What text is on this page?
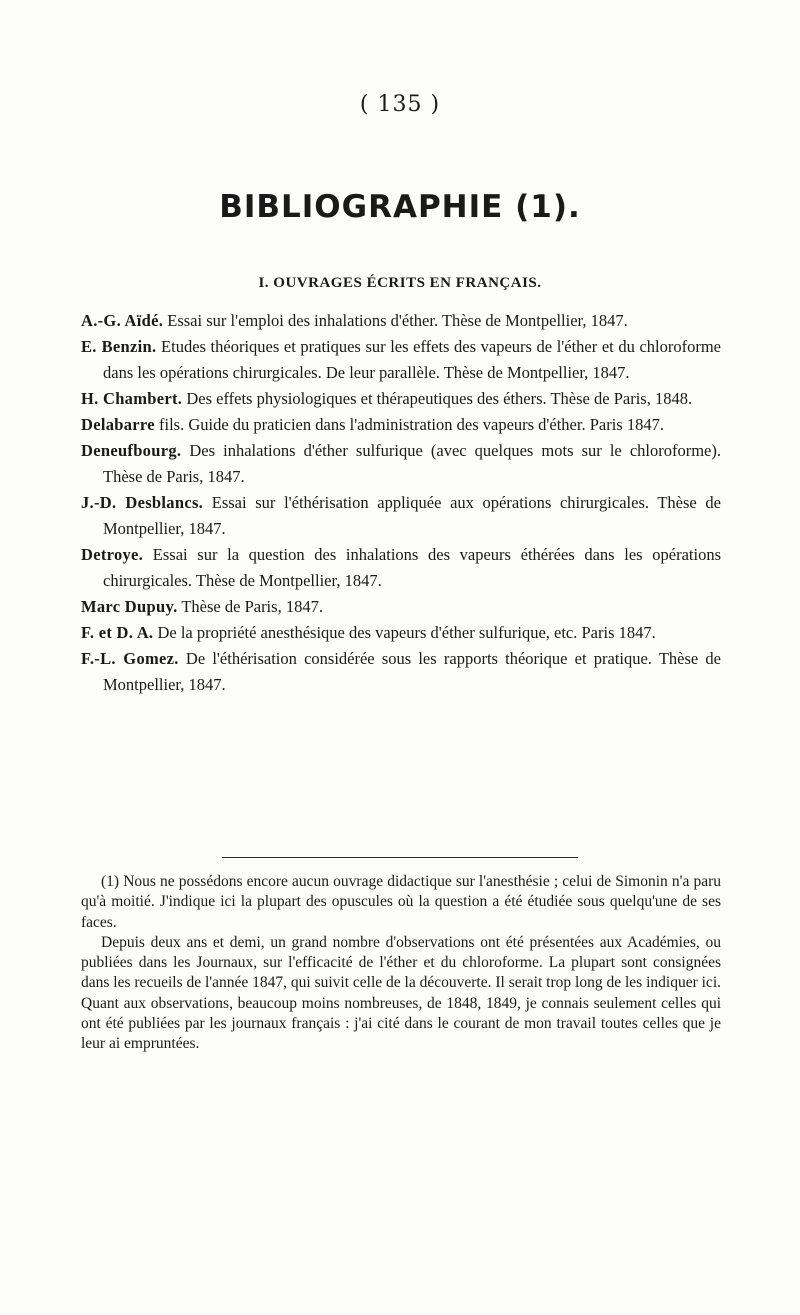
( 135 )
BIBLIOGRAPHIE (1).
I. OUVRAGES ÉCRITS EN FRANÇAIS.
A.-G. Aïdé. Essai sur l'emploi des inhalations d'éther. Thèse de Montpellier, 1847.
E. Benzin. Etudes théoriques et pratiques sur les effets des vapeurs de l'éther et du chloroforme dans les opérations chirurgicales. De leur parallèle. Thèse de Montpellier, 1847.
H. Chambert. Des effets physiologiques et thérapeutiques des éthers. Thèse de Paris, 1848.
Delabarre fils. Guide du praticien dans l'administration des vapeurs d'éther. Paris 1847.
Deneufbourg. Des inhalations d'éther sulfurique (avec quelques mots sur le chloroforme). Thèse de Paris, 1847.
J.-D. Desblancs. Essai sur l'éthérisation appliquée aux opérations chirurgicales. Thèse de Montpellier, 1847.
Detroye. Essai sur la question des inhalations des vapeurs éthérées dans les opérations chirurgicales. Thèse de Montpellier, 1847.
Marc Dupuy. Thèse de Paris, 1847.
F. et D. A. De la propriété anesthésique des vapeurs d'éther sulfurique, etc. Paris 1847.
F.-L. Gomez. De l'éthérisation considérée sous les rapports théorique et pratique. Thèse de Montpellier, 1847.

(1) Nous ne possédons encore aucun ouvrage didactique sur l'anesthésie ; celui de Simonin n'a paru qu'à moitié. J'indique ici la plupart des opuscules où la question a été étudiée sous quelqu'une de ses faces.

Depuis deux ans et demi, un grand nombre d'observations ont été présentées aux Académies, ou publiées dans les Journaux, sur l'efficacité de l'éther et du chloroforme. La plupart sont consignées dans les recueils de l'année 1847, qui suivit celle de la découverte. Il serait trop long de les indiquer ici. Quant aux observations, beaucoup moins nombreuses, de 1848, 1849, je connais seulement celles qui ont été publiées par les journaux français : j'ai cité dans le courant de mon travail toutes celles que je leur ai empruntées.
